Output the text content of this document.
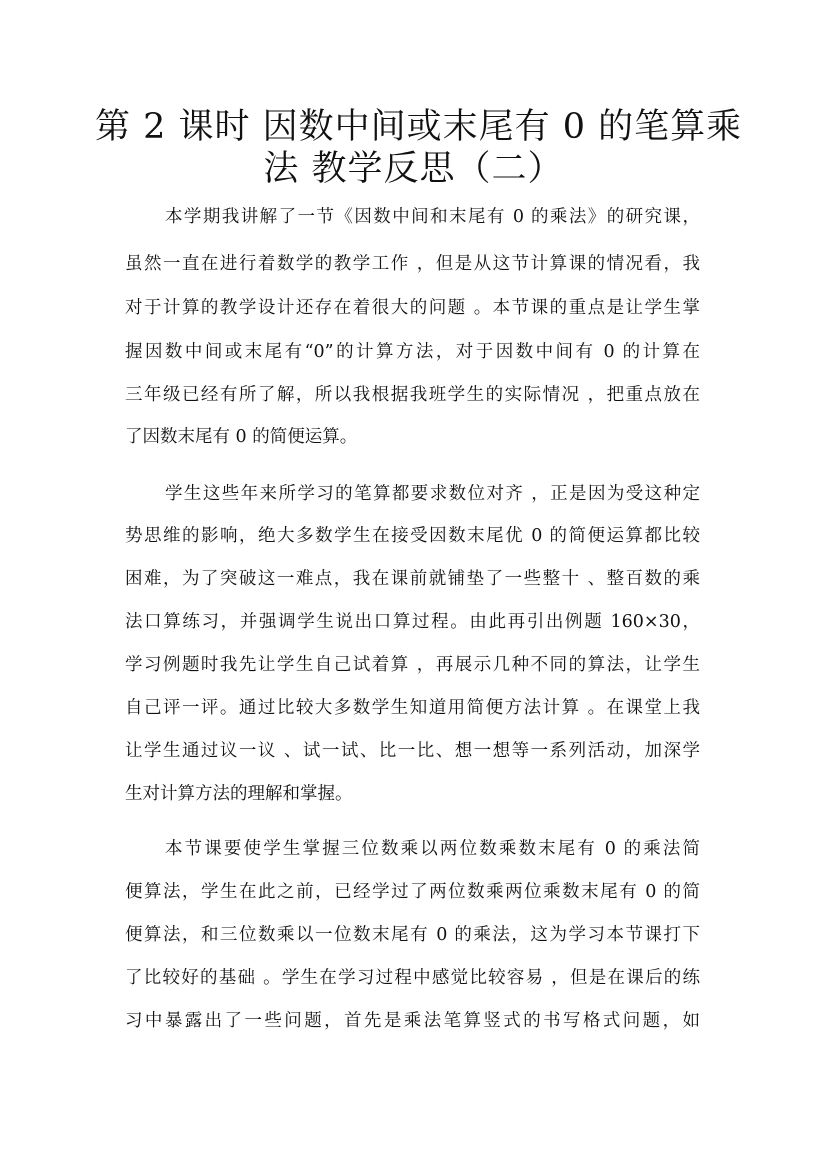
第 2 课时 因数中间或末尾有 0 的笔算乘
法 教学反思（二）
本学期我讲解了一节《因数中间和末尾有 0 的乘法》的研究课，
虽然一直在进行着数学的教学工作 ，但是从这节计算课的情况看，我
对于计算的教学设计还存在着很大的问题 。本节课的重点是让学生掌
握因数中间或末尾有“0”的计算方法，对于因数中间有 0 的计算在
三年级已经有所了解，所以我根据我班学生的实际情况 ，把重点放在
了因数末尾有 0 的简便运算。
学生这些年来所学习的笔算都要求数位对齐 ，正是因为受这种定
势思维的影响，绝大多数学生在接受因数末尾优 0 的简便运算都比较
困难，为了突破这一难点，我在课前就铺垫了一些整十 、整百数的乘
法口算练习，并强调学生说出口算过程。由此再引出例题 160×30，
学习例题时我先让学生自己试着算 ，再展示几种不同的算法，让学生
自己评一评。通过比较大多数学生知道用简便方法计算 。在课堂上我
让学生通过议一议 、试一试、比一比、想一想等一系列活动，加深学
生对计算方法的理解和掌握。
本节课要使学生掌握三位数乘以两位数乘数末尾有 0 的乘法简
便算法，学生在此之前，已经学过了两位数乘两位乘数末尾有 0 的简
便算法，和三位数乘以一位数末尾有 0 的乘法，这为学习本节课打下
了比较好的基础 。学生在学习过程中感觉比较容易 ，但是在课后的练
习中暴露出了一些问题，首先是乘法笔算竖式的书写格式问题，如
